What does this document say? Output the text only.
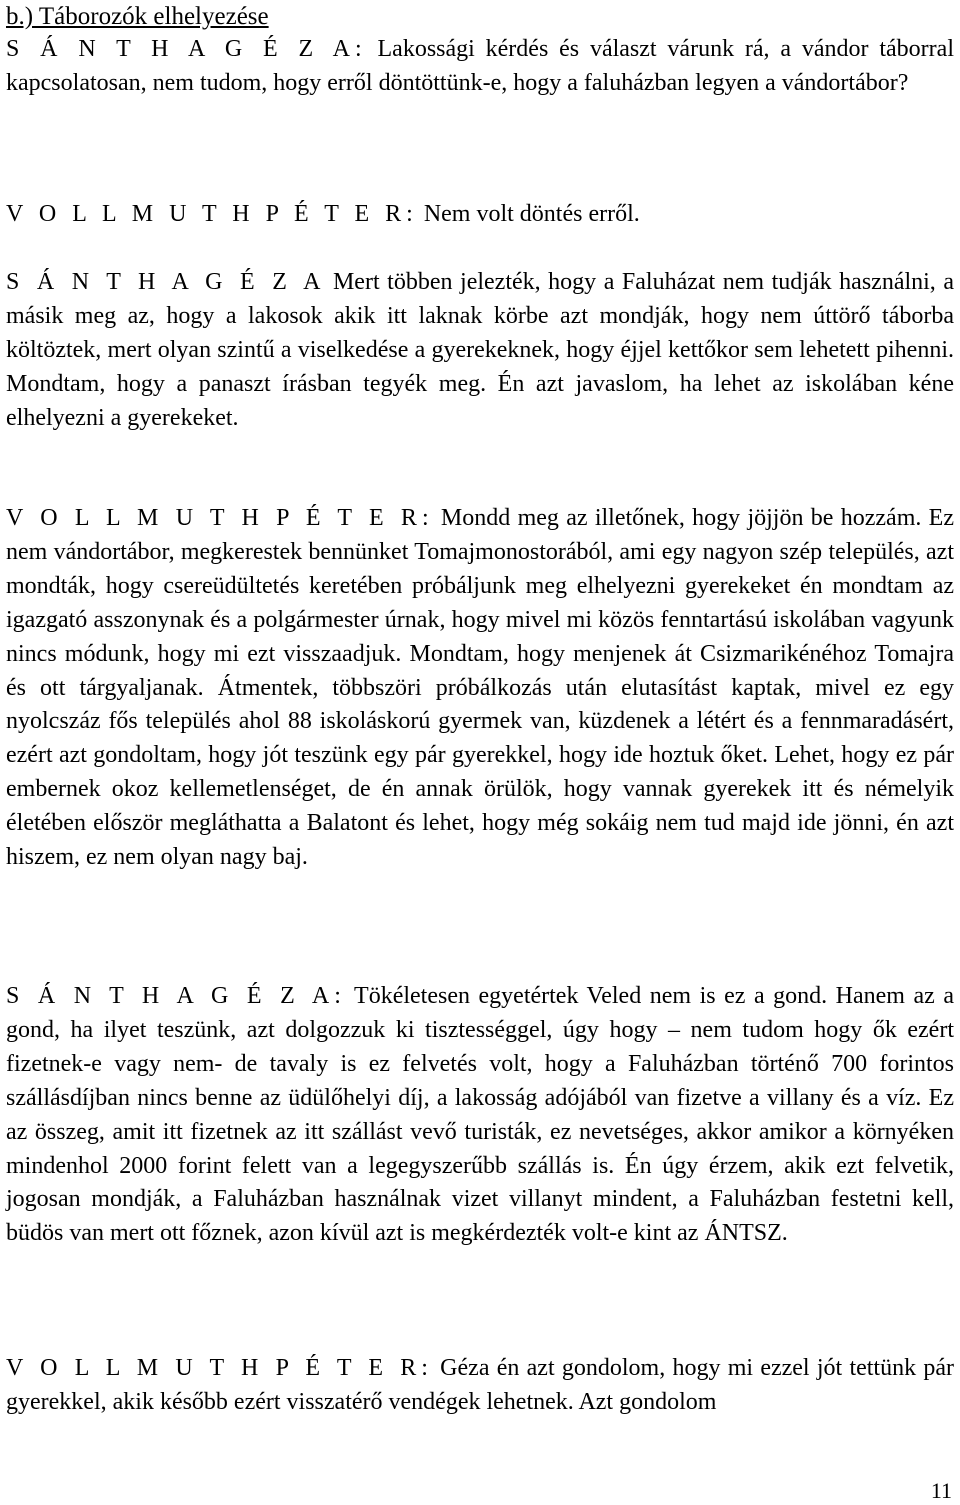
b.) Táborozók elhelyezése

S Á N T H A G É Z A: Lakossági kérdés és választ várunk rá, a vándor táborral kapcsolatosan, nem tudom, hogy erről döntöttünk-e, hogy a faluházban legyen a vándortábor?

V O L L M U T H P É T E R: Nem volt döntés erről.

S Á N T H A G É Z A Mert többen jelezték, hogy a Faluházat nem tudják használni, a másik meg az, hogy a lakosok akik itt laknak körbe azt mondják, hogy nem úttörő táborba költöztek, mert olyan szintű a viselkedése a gyerekeknek, hogy éjjel kettőkor sem lehetett pihenni. Mondtam, hogy a panaszt írásban tegyék meg. Én azt javaslom, ha lehet az iskolában kéne elhelyezni a gyerekeket.

V O L L M U T H P É T E R: Mondd meg az illetőnek, hogy jöjjön be hozzám. Ez nem vándortábor, megkerestek bennünket Tomajmonostorából, ami egy nagyon szép település, azt mondták, hogy csereüdültetés keretében próbáljunk meg elhelyezni gyerekeket én mondtam az igazgató asszonynak és a polgármester úrnak, hogy mivel mi közös fenntartású iskolában vagyunk nincs módunk, hogy mi ezt visszaadjuk. Mondtam, hogy menjenek át Csizmarikénéhoz Tomajra és ott tárgyaljanak. Átmentek, többszöri próbálkozás után elutasítást kaptak, mivel ez egy nyolcszáz fős település ahol 88 iskoláskorú gyermek van, küzdenek a létért és a fennmaradásért, ezért azt gondoltam, hogy jót teszünk egy pár gyerekkel, hogy ide hoztuk őket. Lehet, hogy ez pár embernek okoz kellemetlenséget, de én annak örülök, hogy vannak gyerekek itt és némelyik életében először megláthatta a Balatont és lehet, hogy még sokáig nem tud majd ide jönni, én azt hiszem, ez nem olyan nagy baj.

S Á N T H A G É Z A: Tökéletesen egyetértek Veled nem is ez a gond. Hanem az a gond, ha ilyet teszünk, azt dolgozzuk ki tisztességgel, úgy hogy – nem tudom hogy ők ezért fizetnek-e vagy nem- de tavaly is ez felvetés volt, hogy a Faluházban történő 700 forintos szállásdíjban nincs benne az üdülőhelyi díj, a lakosság adójából van fizetve a villany és a víz. Ez az összeg, amit itt fizetnek az itt szállást vevő turisták, ez nevetséges, akkor amikor a környéken mindenhol 2000 forint felett van a legegyszerűbb szállás is. Én úgy érzem, akik ezt felvetik, jogosan mondják, a Faluházban használnak vizet villanyt mindent, a Faluházban festetni kell, büdös van mert ott főznek, azon kívül azt is megkérdezték volt-e kint az ÁNTSZ.

V O L L M U T H P É T E R: Géza én azt gondolom, hogy mi ezzel jót tettünk pár gyerekkel, akik később ezért visszatérő vendégek lehetnek. Azt gondolom

11
